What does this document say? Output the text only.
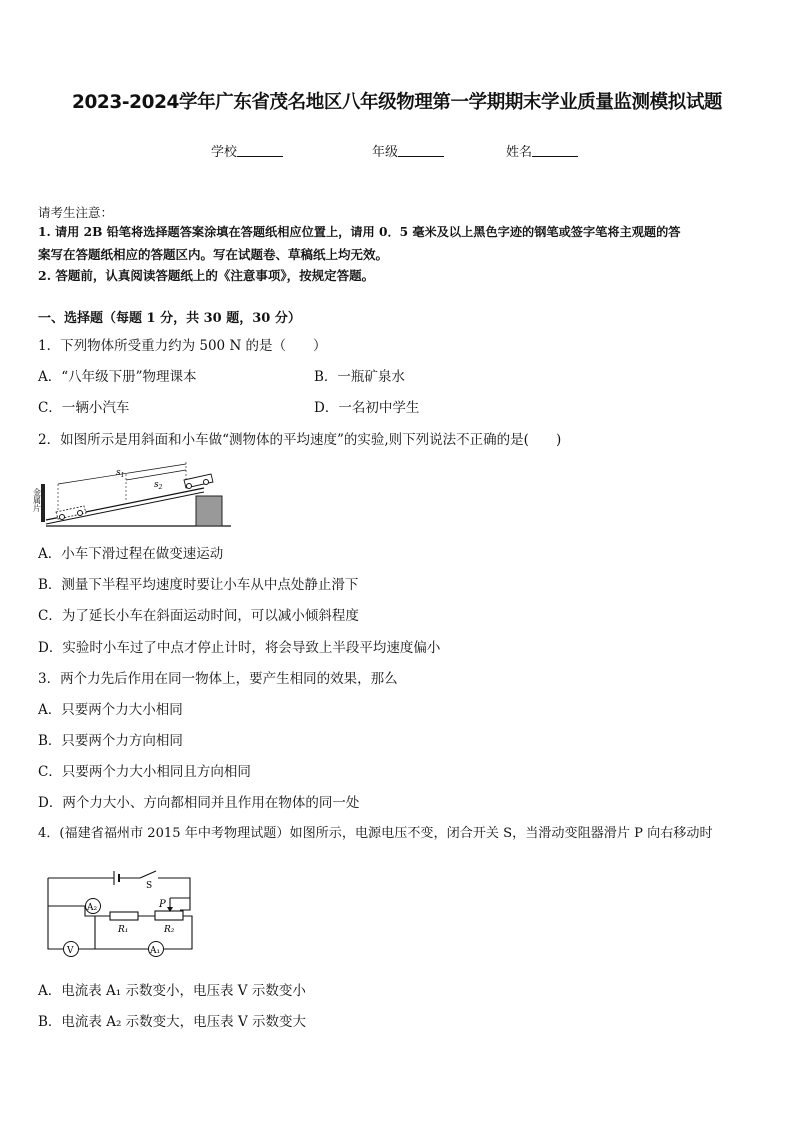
2023-2024学年广东省茂名地区八年级物理第一学期期末学业质量监测模拟试题
学校	年级	姓名
请考生注意：
1. 请用 2B 铅笔将选择题答案涂填在答题纸相应位置上，请用 0．5 毫米及以上黑色字迹的钢笔或签字笔将主观题的答
案写在答题纸相应的答题区内。写在试题卷、草稿纸上均无效。
2. 答题前，认真阅读答题纸上的《注意事项》，按规定答题。
一、选择题（每题 1 分，共 30 题，30 分）
1．下列物体所受重力约为 500 N 的是（　　）
A．“八年级下册”物理课本	B．一瓶矿泉水
C．一辆小汽车	D．一名初中学生
2．如图所示是用斜面和小车做“测物体的平均速度”的实验,则下列说法不正确的是(　　)
金属片
$s_1$
$s_2$
A．小车下滑过程在做变速运动
B．测量下半程平均速度时要让小车从中点处静止滑下
C．为了延长小车在斜面运动时间，可以减小倾斜程度
D．实验时小车过了中点才停止计时，将会导致上半段平均速度偏小
3．两个力先后作用在同一物体上，要产生相同的效果，那么
A．只要两个力大小相同
B．只要两个力方向相同
C．只要两个力大小相同且方向相同
D．两个力大小、方向都相同并且作用在物体的同一处
4．(福建省福州市 2015 年中考物理试题）如图所示，电源电压不变，闭合开关 S，当滑动变阻器滑片 P 向右移动时
A₂
V	A₁
S
P
R₁	R₂
A．电流表 A₁ 示数变小，电压表 V 示数变小
B．电流表 A₂ 示数变大，电压表 V 示数变大
